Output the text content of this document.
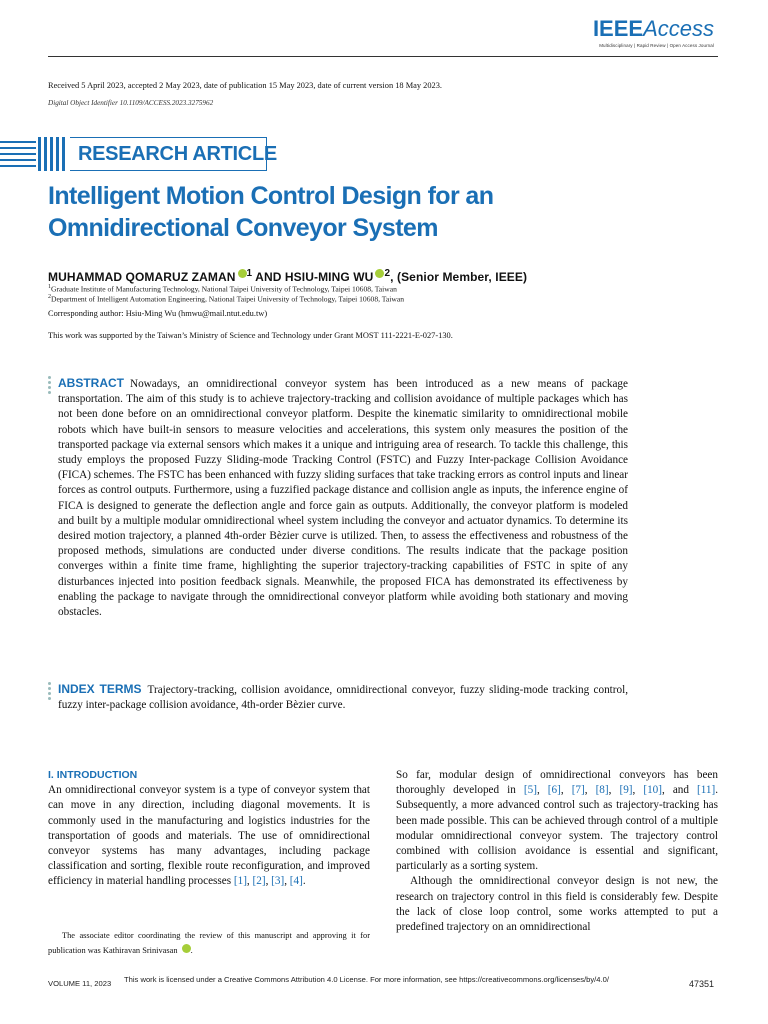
IEEEAccess
Multidisciplinary | Rapid Review | Open Access Journal
Received 5 April 2023, accepted 2 May 2023, date of publication 15 May 2023, date of current version 18 May 2023.
Digital Object Identifier 10.1109/ACCESS.2023.3275962
RESEARCH ARTICLE
Intelligent Motion Control Design for an
Omnidirectional Conveyor System
MUHAMMAD QOMARUZ ZAMAN $^1$ AND HSIU-MING WU $^2$, (Senior Member, IEEE)
$^1$Graduate Institute of Manufacturing Technology, National Taipei University of Technology, Taipei 10608, Taiwan
$^2$Department of Intelligent Automation Engineering, National Taipei University of Technology, Taipei 10608, Taiwan
Corresponding author: Hsiu-Ming Wu (hmwu@mail.ntut.edu.tw)
This work was supported by the Taiwan’s Ministry of Science and Technology under Grant MOST 111-2221-E-027-130.
ABSTRACT Nowadays, an omnidirectional conveyor system has been introduced as a new means of package transportation. The aim of this study is to achieve trajectory-tracking and collision avoidance of multiple packages which has not been done before on an omnidirectional conveyor platform. Despite the kinematic similarity to omnidirectional mobile robots which have built-in sensors to measure velocities and accelerations, this system only measures the position of the transported package via external sensors which makes it a unique and intriguing area of research. To tackle this challenge, this study employs the proposed Fuzzy Sliding-mode Tracking Control (FSTC) and Fuzzy Inter-package Collision Avoidance (FICA) schemes. The FSTC has been enhanced with fuzzy sliding surfaces that take tracking errors as control inputs and linear forces as control outputs. Furthermore, using a fuzzified package distance and collision angle as inputs, the inference engine of FICA is designed to generate the deflection angle and force gain as outputs. Additionally, the conveyor platform is modeled and built by a multiple modular omnidirectional wheel system including the conveyor and actuator dynamics. To determine its desired motion trajectory, a planned 4th-order Bèzier curve is utilized. Then, to assess the effectiveness and robustness of the proposed methods, simulations are conducted under diverse conditions. The results indicate that the package position converges within a finite time frame, highlighting the superior trajectory-tracking capabilities of FSTC in spite of any disturbances injected into position feedback signals. Meanwhile, the proposed FICA has demonstrated its effectiveness by enabling the package to navigate through the omnidirectional conveyor platform while avoiding both stationary and moving obstacles.
INDEX TERMS Trajectory-tracking, collision avoidance, omnidirectional conveyor, fuzzy sliding-mode tracking control, fuzzy inter-package collision avoidance, 4th-order Bèzier curve.
I. INTRODUCTION

An omnidirectional conveyor system is a type of conveyor system that can move in any direction, including diagonal movements. It is commonly used in the manufacturing and logistics industries for the transportation of goods and materials. The use of omnidirectional conveyor systems has many advantages, including package classification and sorting, flexible route reconfiguration, and improved efficiency in material handling processes [1], [2], [3], [4].

The associate editor coordinating the review of this manuscript and approving it for publication was Kathiravan Srinivasan .

So far, modular design of omnidirectional conveyors has been thoroughly developed in [5], [6], [7], [8], [9], [10], and [11]. Subsequently, a more advanced control such as trajectory-tracking has been made possible. This can be achieved through control of a multiple modular omnidirectional conveyor system. The trajectory control combined with collision avoidance is essential and significant, particularly as a sorting system.

Although the omnidirectional conveyor design is not new, the research on trajectory control in this field is considerably few. Despite the lack of close loop control, some works attempted to put a predefined trajectory on an omnidirectional

VOLUME 11, 2023 This work is licensed under a Creative Commons Attribution 4.0 License. For more information, see https://creativecommons.org/licenses/by/4.0/	47351
